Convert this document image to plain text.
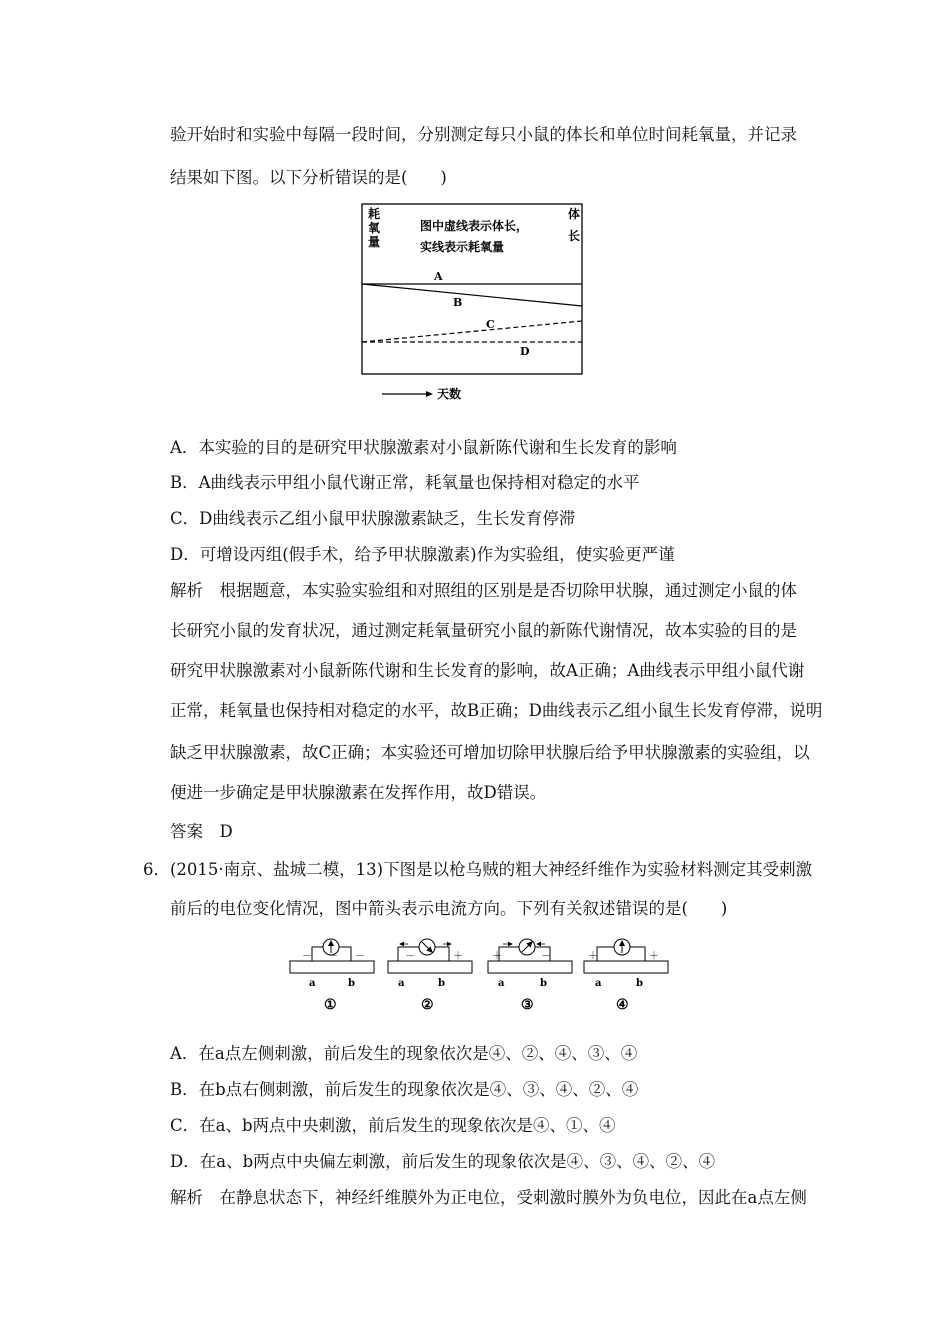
验开始时和实验中每隔一段时间，分别测定每只小鼠的体长和单位时间耗氧量，并记录
结果如下图。以下分析错误的是(　　)
耗
氧
量
体
长
图中虚线表示体长，
实线表示耗氧量
A
B
C
D
天数
A．本实验的目的是研究甲状腺激素对小鼠新陈代谢和生长发育的影响
B．A曲线表示甲组小鼠代谢正常，耗氧量也保持相对稳定的水平
C．D曲线表示乙组小鼠甲状腺激素缺乏，生长发育停滞
D．可增设丙组(假手术，给予甲状腺激素)作为实验组，使实验更严谨
解析　根据题意，本实验实验组和对照组的区别是是否切除甲状腺，通过测定小鼠的体
长研究小鼠的发育状况，通过测定耗氧量研究小鼠的新陈代谢情况，故本实验的目的是
研究甲状腺激素对小鼠新陈代谢和生长发育的影响，故A正确；A曲线表示甲组小鼠代谢
正常，耗氧量也保持相对稳定的水平，故B正确；D曲线表示乙组小鼠生长发育停滞，说明
缺乏甲状腺激素，故C正确；本实验还可增加切除甲状腺后给予甲状腺激素的实验组，以
便进一步确定是甲状腺激素在发挥作用，故D错误。
答案　D
6．(2015·南京、盐城二模，13)下图是以枪乌贼的粗大神经纤维作为实验材料测定其受刺激
前后的电位变化情况，图中箭头表示电流方向。下列有关叙述错误的是(　　)
－ － －
a	b
①
－	＋
a	b
②
＋	－
a	b
③
＋	＋
a	b
④
A．在a点左侧刺激，前后发生的现象依次是④、②、④、③、④
B．在b点右侧刺激，前后发生的现象依次是④、③、④、②、④
C．在a、b两点中央刺激，前后发生的现象依次是④、①、④
D．在a、b两点中央偏左刺激，前后发生的现象依次是④、③、④、②、④
解析　在静息状态下，神经纤维膜外为正电位，受刺激时膜外为负电位，因此在a点左侧
